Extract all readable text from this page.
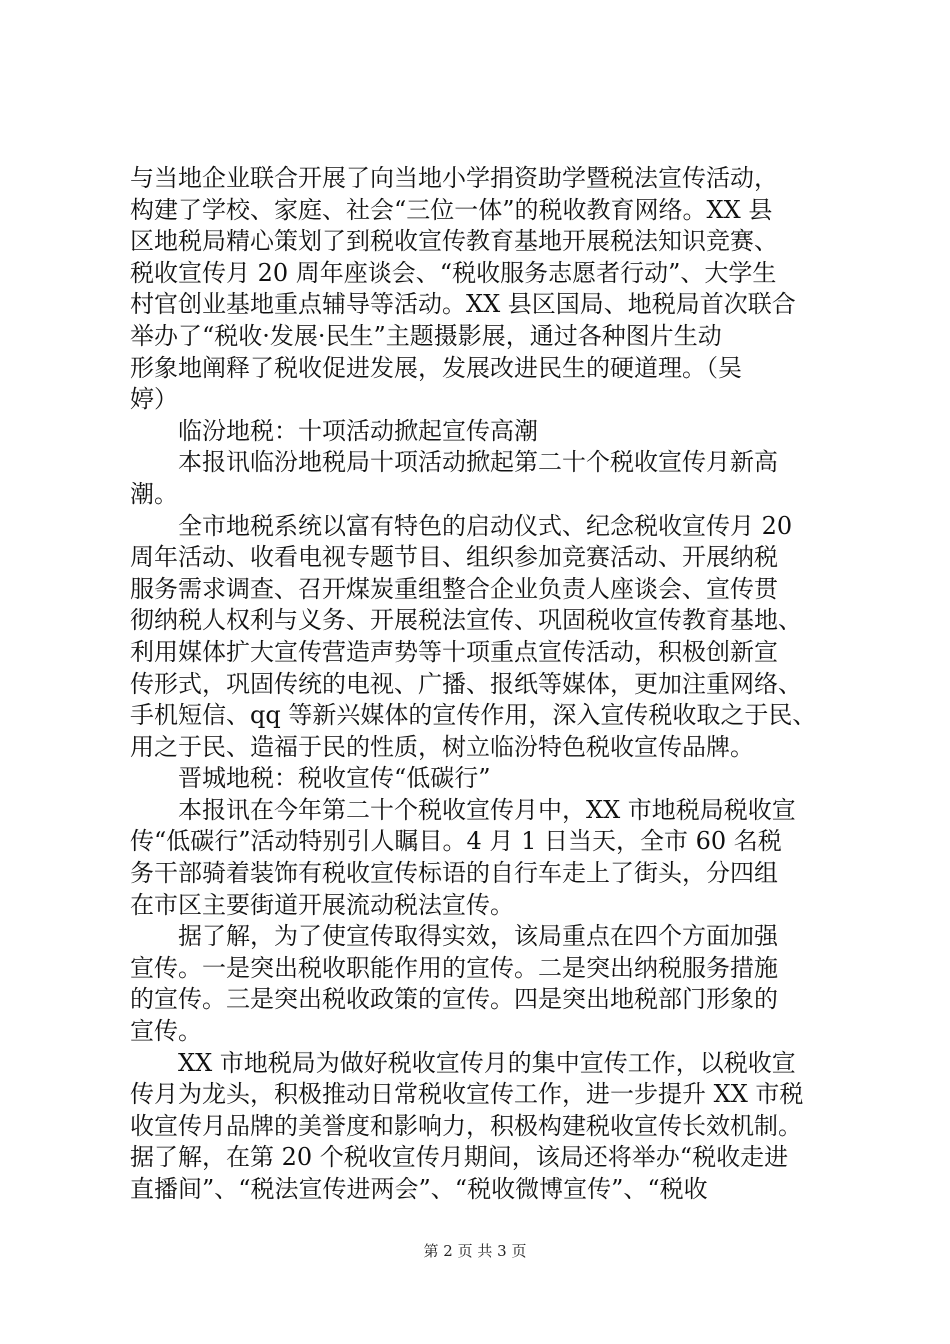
与当地企业联合开展了向当地小学捐资助学暨税法宣传活动，
构建了学校、家庭、社会“三位一体”的税收教育网络。XX 县
区地税局精心策划了到税收宣传教育基地开展税法知识竞赛、
税收宣传月 20 周年座谈会、“税收服务志愿者行动”、大学生
村官创业基地重点辅导等活动。XX 县区国局、地税局首次联合
举办了“税收·发展·民生”主题摄影展，通过各种图片生动
形象地阐释了税收促进发展，发展改进民生的硬道理。（吴
婷）
临汾地税：十项活动掀起宣传高潮
本报讯临汾地税局十项活动掀起第二十个税收宣传月新高
潮。
全市地税系统以富有特色的启动仪式、纪念税收宣传月 20
周年活动、收看电视专题节目、组织参加竞赛活动、开展纳税
服务需求调查、召开煤炭重组整合企业负责人座谈会、宣传贯
彻纳税人权利与义务、开展税法宣传、巩固税收宣传教育基地、
利用媒体扩大宣传营造声势等十项重点宣传活动，积极创新宣
传形式，巩固传统的电视、广播、报纸等媒体，更加注重网络、
手机短信、qq 等新兴媒体的宣传作用，深入宣传税收取之于民、
用之于民、造福于民的性质，树立临汾特色税收宣传品牌。
晋城地税：税收宣传“低碳行”
本报讯在今年第二十个税收宣传月中，XX 市地税局税收宣
传“低碳行”活动特别引人瞩目。4 月 1 日当天，全市 60 名税
务干部骑着装饰有税收宣传标语的自行车走上了街头，分四组
在市区主要街道开展流动税法宣传。
据了解，为了使宣传取得实效，该局重点在四个方面加强
宣传。一是突出税收职能作用的宣传。二是突出纳税服务措施
的宣传。三是突出税收政策的宣传。四是突出地税部门形象的
宣传。
XX 市地税局为做好税收宣传月的集中宣传工作，以税收宣
传月为龙头，积极推动日常税收宣传工作，进一步提升 XX 市税
收宣传月品牌的美誉度和影响力，积极构建税收宣传长效机制。
据了解，在第 20 个税收宣传月期间，该局还将举办“税收走进
直播间”、“税法宣传进两会”、“税收微博宣传”、“税收
第 2 页 共 3 页
